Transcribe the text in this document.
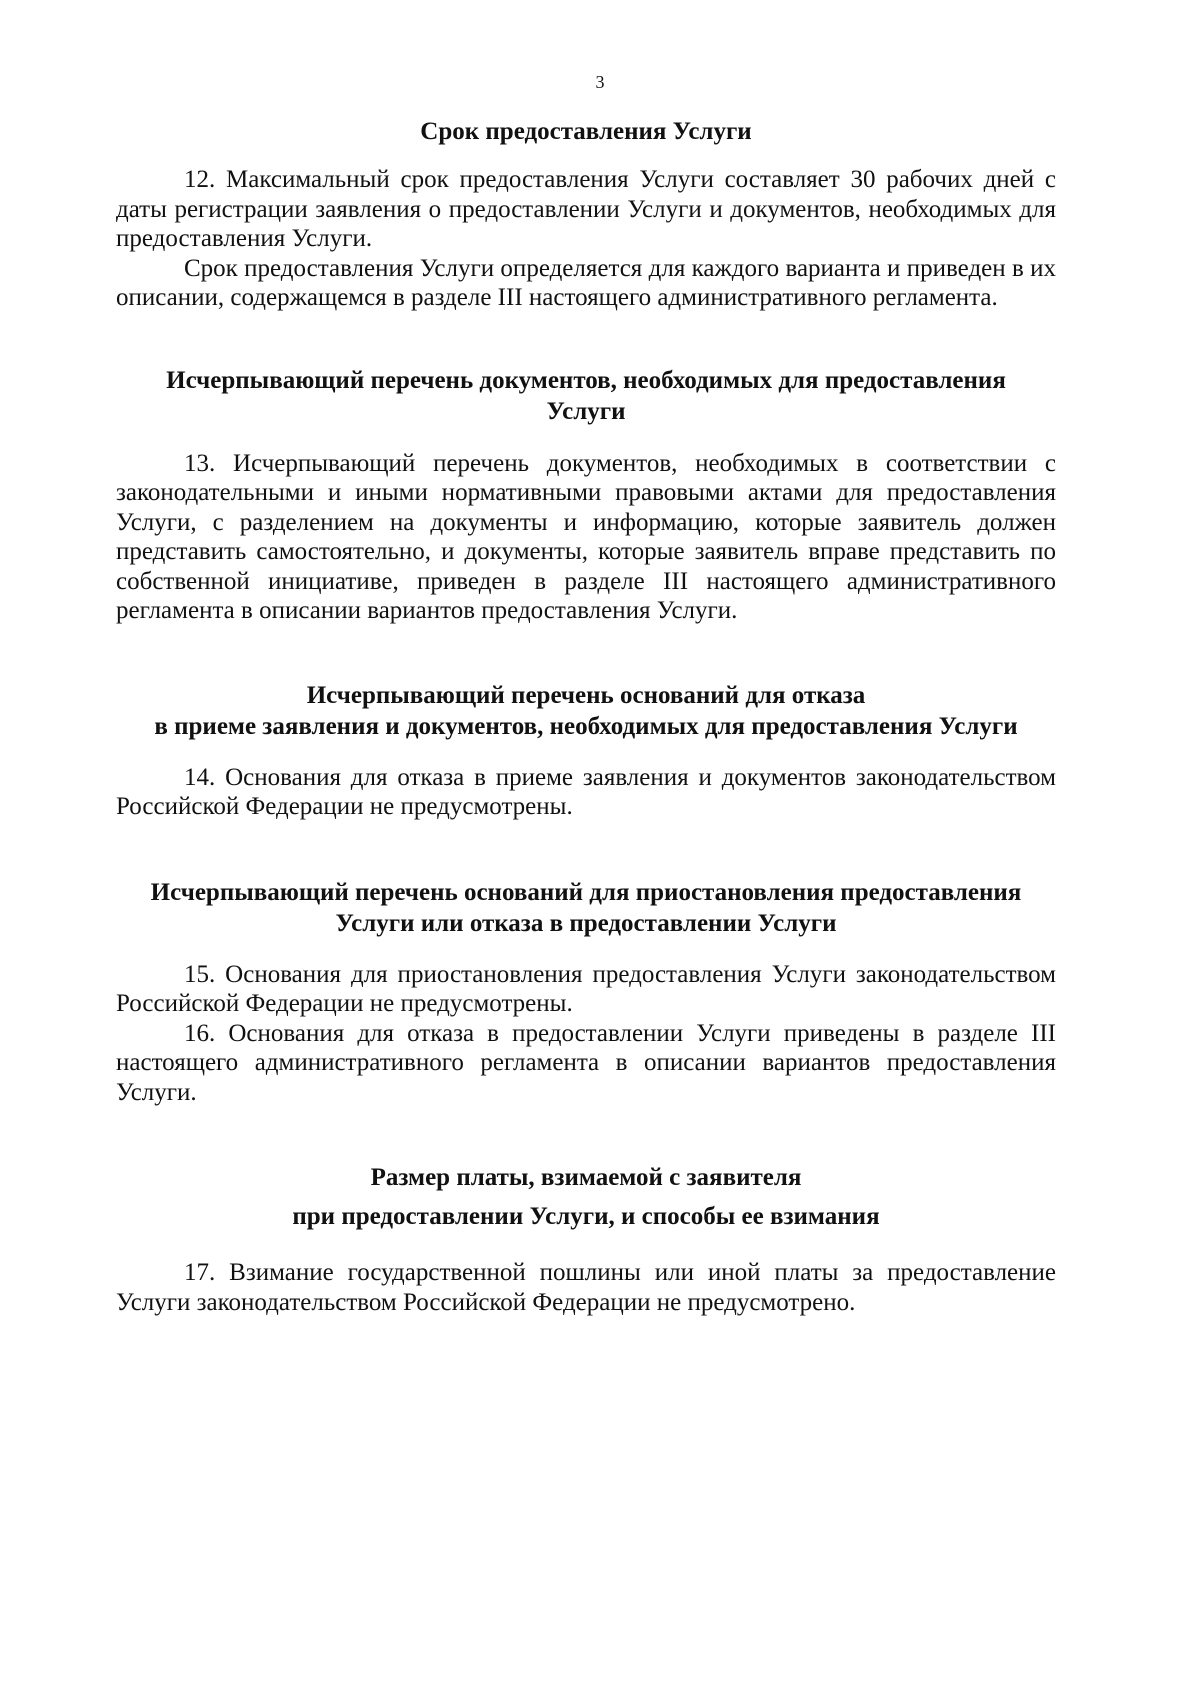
3
Срок предоставления Услуги

12. Максимальный срок предоставления Услуги составляет 30 рабочих дней с даты регистрации заявления о предоставлении Услуги и документов, необходимых для предоставления Услуги.

Срок предоставления Услуги определяется для каждого варианта и приведен в их описании, содержащемся в разделе III настоящего административного регламента.

Исчерпывающий перечень документов, необходимых для предоставления
Услуги

13. Исчерпывающий перечень документов, необходимых в соответствии с законодательными и иными нормативными правовыми актами для предоставления Услуги, с разделением на документы и информацию, которые заявитель должен представить самостоятельно, и документы, которые заявитель вправе представить по собственной инициативе, приведен в разделе III настоящего административного регламента в описании вариантов предоставления Услуги.

Исчерпывающий перечень оснований для отказа
в приеме заявления и документов, необходимых для предоставления Услуги

14. Основания для отказа в приеме заявления и документов законодательством Российской Федерации не предусмотрены.

Исчерпывающий перечень оснований для приостановления предоставления
Услуги или отказа в предоставлении Услуги

15. Основания для приостановления предоставления Услуги законодательством Российской Федерации не предусмотрены.

16. Основания для отказа в предоставлении Услуги приведены в разделе III настоящего административного регламента в описании вариантов предоставления Услуги.

Размер платы, взимаемой с заявителя
при предоставлении Услуги, и способы ее взимания

17. Взимание государственной пошлины или иной платы за предоставление Услуги законодательством Российской Федерации не предусмотрено.
